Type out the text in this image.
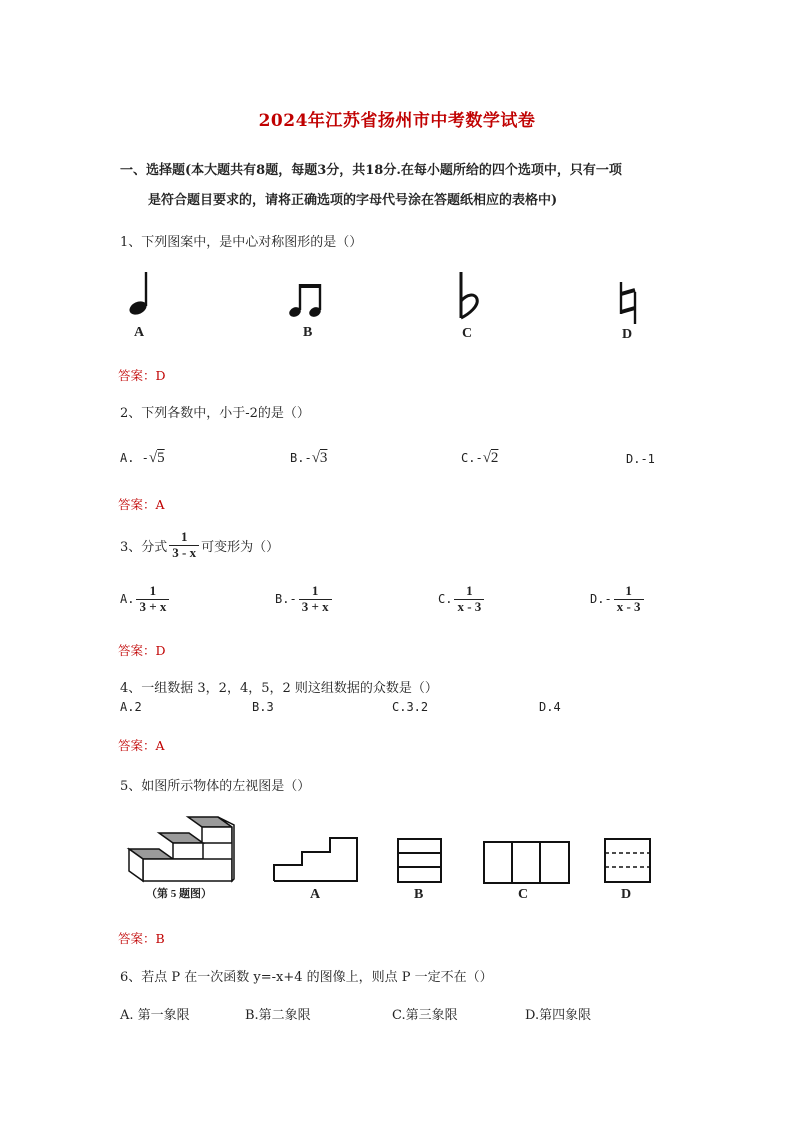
2024年江苏省扬州市中考数学试卷
一、选择题(本大题共有8题，每题3分，共18分.在每小题所给的四个选项中，只有一项
是符合题目要求的，请将正确选项的字母代号涂在答题纸相应的表格中)
1、下列图案中，是中心对称图形的是（）
A	B	C	D
答案：D
2、下列各数中，小于-2的是（）
A. -√5	B.-√3	C.-√2	D.-1
答案：A
3、分式 $\frac{1}{3 - x}$ 可变形为（）
A. $\frac{1}{3 + x}$	$B.- \frac{1}{3 + x}$	C. $\frac{1}{x - 3}$	$D.- \frac{1}{x - 3}$
答案：D
4、一组数据 3，2，4，5，2 则这组数据的众数是（）
A.2	B.3	C.3.2	D.4
答案：A
5、如图所示物体的左视图是（）
（第 5 题图）	A	B	C	D
答案：B
6、若点 P 在一次函数 y=-x+4 的图像上，则点 P 一定不在（）
A. 第一象限	B.第二象限	C.第三象限	D.第四象限
